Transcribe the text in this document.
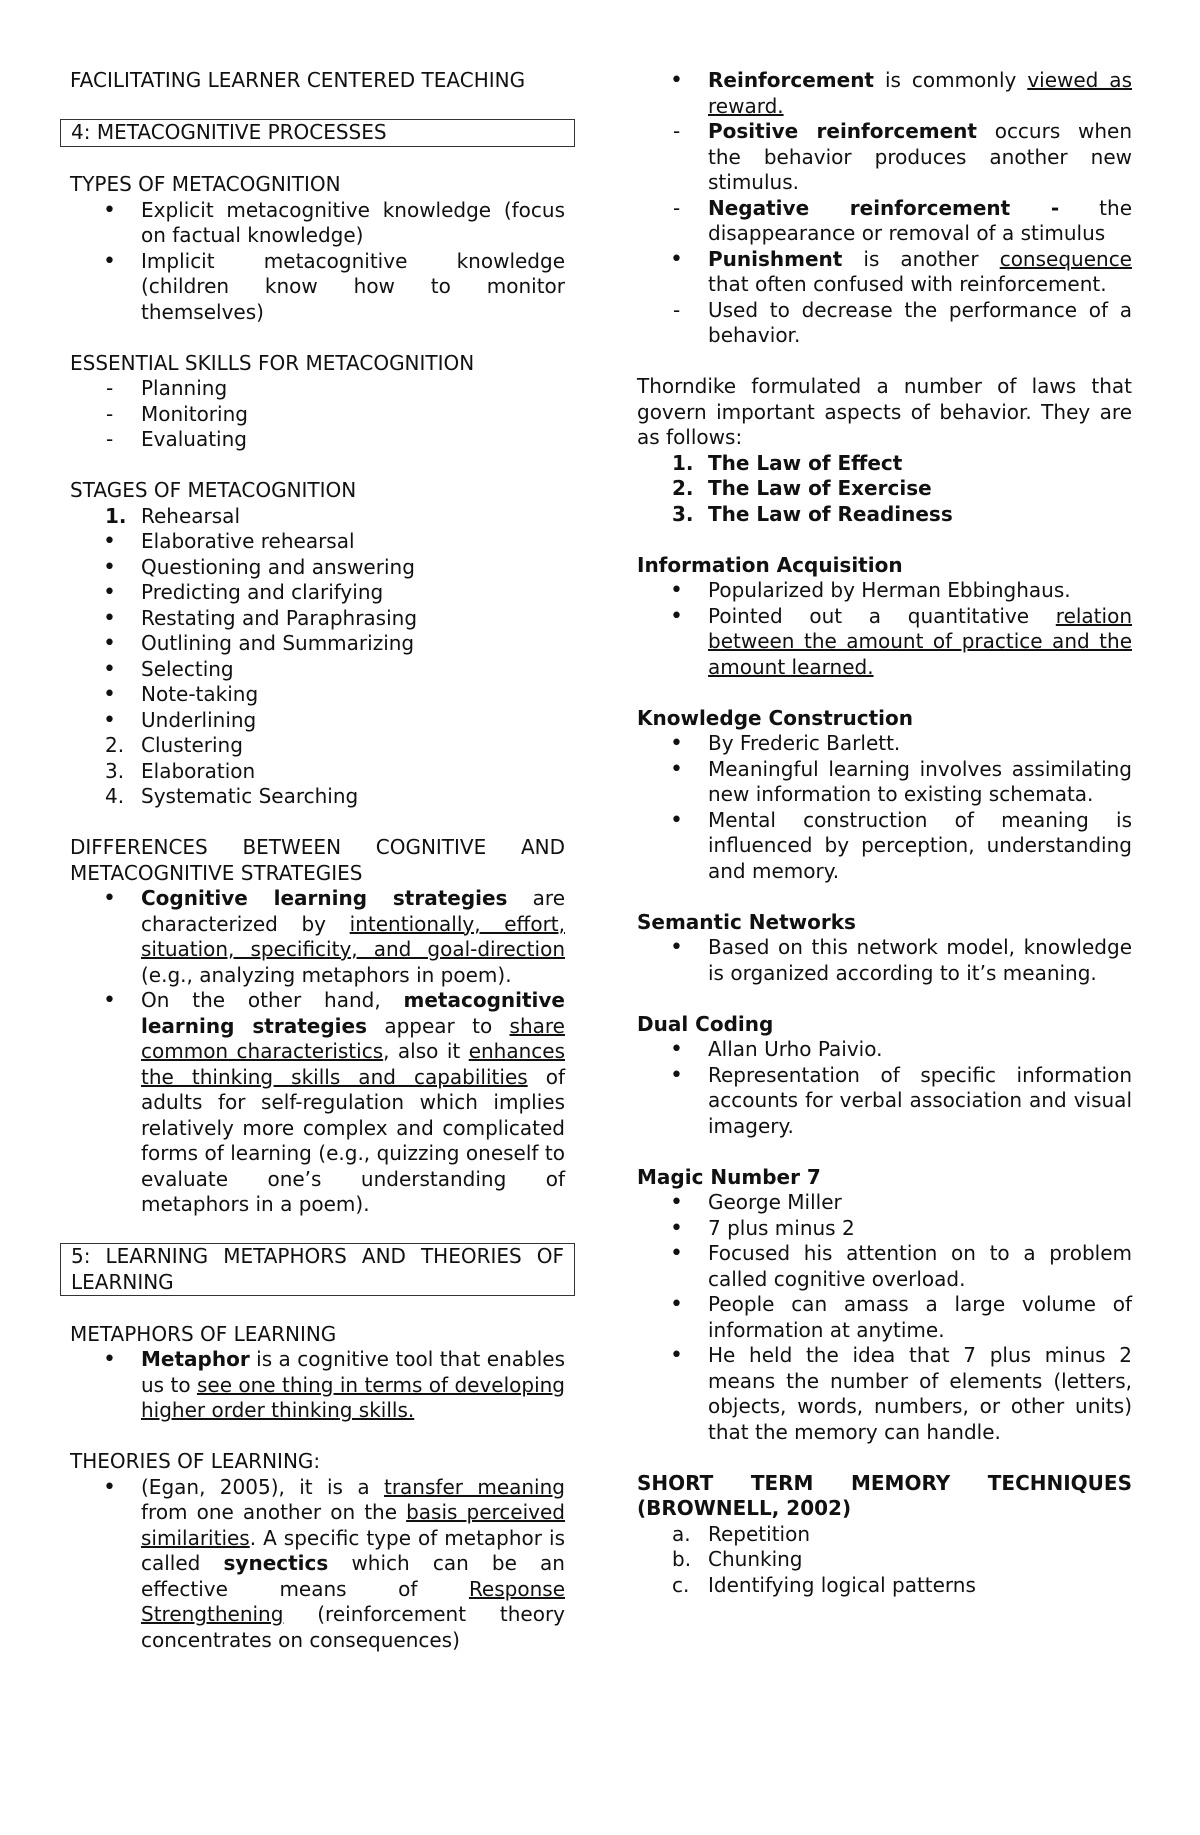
FACILITATING LEARNER CENTERED TEACHING
4: METACOGNITIVE PROCESSES
TYPES OF METACOGNITION
• Explicit metacognitive knowledge (focus on factual knowledge)
• Implicit metacognitive knowledge (children know how to monitor themselves)
ESSENTIAL SKILLS FOR METACOGNITION
- Planning
- Monitoring
- Evaluating
STAGES OF METACOGNITION
1. Rehearsal
• Elaborative rehearsal
• Questioning and answering
• Predicting and clarifying
• Restating and Paraphrasing
• Outlining and Summarizing
• Selecting
• Note-taking
• Underlining
2. Clustering
3. Elaboration
4. Systematic Searching
DIFFERENCES BETWEEN COGNITIVE AND METACOGNITIVE STRATEGIES
• Cognitive learning strategies are characterized by intentionally, effort, situation, specificity, and goal-direction (e.g., analyzing metaphors in poem).
• On the other hand, metacognitive learning strategies appear to share common characteristics, also it enhances the thinking skills and capabilities of adults for self-regulation which implies relatively more complex and complicated forms of learning (e.g., quizzing oneself to evaluate one’s understanding of metaphors in a poem).
5: LEARNING METAPHORS AND THEORIES OF LEARNING
METAPHORS OF LEARNING
• Metaphor is a cognitive tool that enables us to see one thing in terms of developing higher order thinking skills.
THEORIES OF LEARNING:
• (Egan, 2005), it is a transfer meaning from one another on the basis perceived similarities. A specific type of metaphor is called synectics which can be an effective means of Response Strengthening (reinforcement theory concentrates on consequences)
• Reinforcement is commonly viewed as reward.
- Positive reinforcement occurs when the behavior produces another new stimulus.
- Negative reinforcement - the disappearance or removal of a stimulus
• Punishment is another consequence that often confused with reinforcement.
- Used to decrease the performance of a behavior.
Thorndike formulated a number of laws that govern important aspects of behavior. They are as follows:
1. The Law of Effect
2. The Law of Exercise
3. The Law of Readiness
Information Acquisition
• Popularized by Herman Ebbinghaus.
• Pointed out a quantitative relation between the amount of practice and the amount learned.
Knowledge Construction
• By Frederic Barlett.
• Meaningful learning involves assimilating new information to existing schemata.
• Mental construction of meaning is influenced by perception, understanding and memory.
Semantic Networks
• Based on this network model, knowledge is organized according to it’s meaning.
Dual Coding
• Allan Urho Paivio.
• Representation of specific information accounts for verbal association and visual imagery.
Magic Number 7
• George Miller
• 7 plus minus 2
• Focused his attention on to a problem called cognitive overload.
• People can amass a large volume of information at anytime.
• He held the idea that 7 plus minus 2 means the number of elements (letters, objects, words, numbers, or other units) that the memory can handle.
SHORT TERM MEMORY TECHNIQUES (BROWNELL, 2002)
a. Repetition
b. Chunking
c. Identifying logical patterns
